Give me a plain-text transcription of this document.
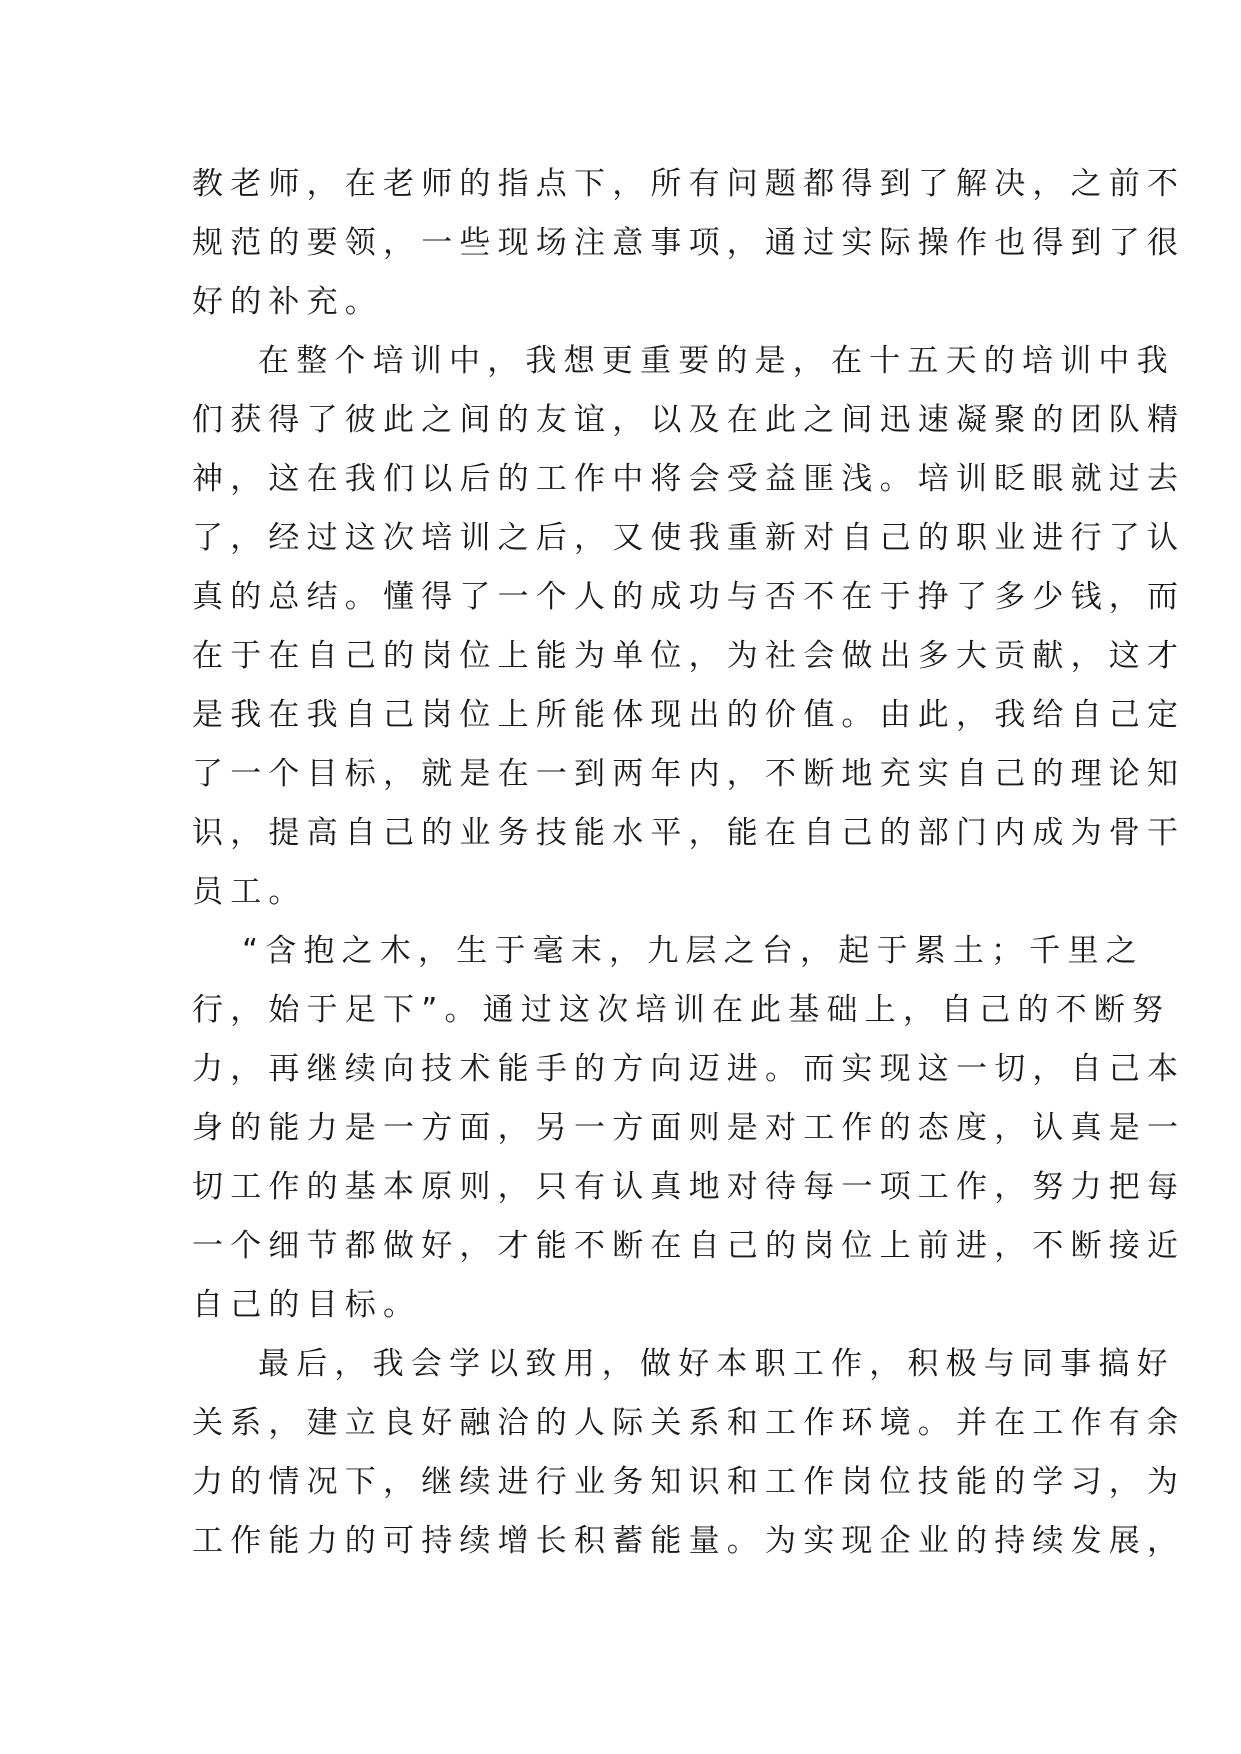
教老师，在老师的指点下，所有问题都得到了解决，之前不
规范的要领，一些现场注意事项，通过实际操作也得到了很
好的补充。
在整个培训中，我想更重要的是，在十五天的培训中我
们获得了彼此之间的友谊，以及在此之间迅速凝聚的团队精
神，这在我们以后的工作中将会受益匪浅。培训眨眼就过去
了，经过这次培训之后，又使我重新对自己的职业进行了认
真的总结。懂得了一个人的成功与否不在于挣了多少钱，而
在于在自己的岗位上能为单位，为社会做出多大贡献，这才
是我在我自己岗位上所能体现出的价值。由此，我给自己定
了一个目标，就是在一到两年内，不断地充实自己的理论知
识，提高自己的业务技能水平，能在自己的部门内成为骨干
员工。
“含抱之木，生于毫末，九层之台，起于累土；千里之
行，始于足下”。通过这次培训在此基础上，自己的不断努
力，再继续向技术能手的方向迈进。而实现这一切，自己本
身的能力是一方面，另一方面则是对工作的态度，认真是一
切工作的基本原则，只有认真地对待每一项工作，努力把每
一个细节都做好，才能不断在自己的岗位上前进，不断接近
自己的目标。
最后，我会学以致用，做好本职工作，积极与同事搞好
关系，建立良好融洽的人际关系和工作环境。并在工作有余
力的情况下，继续进行业务知识和工作岗位技能的学习，为
工作能力的可持续增长积蓄能量。为实现企业的持续发展，
